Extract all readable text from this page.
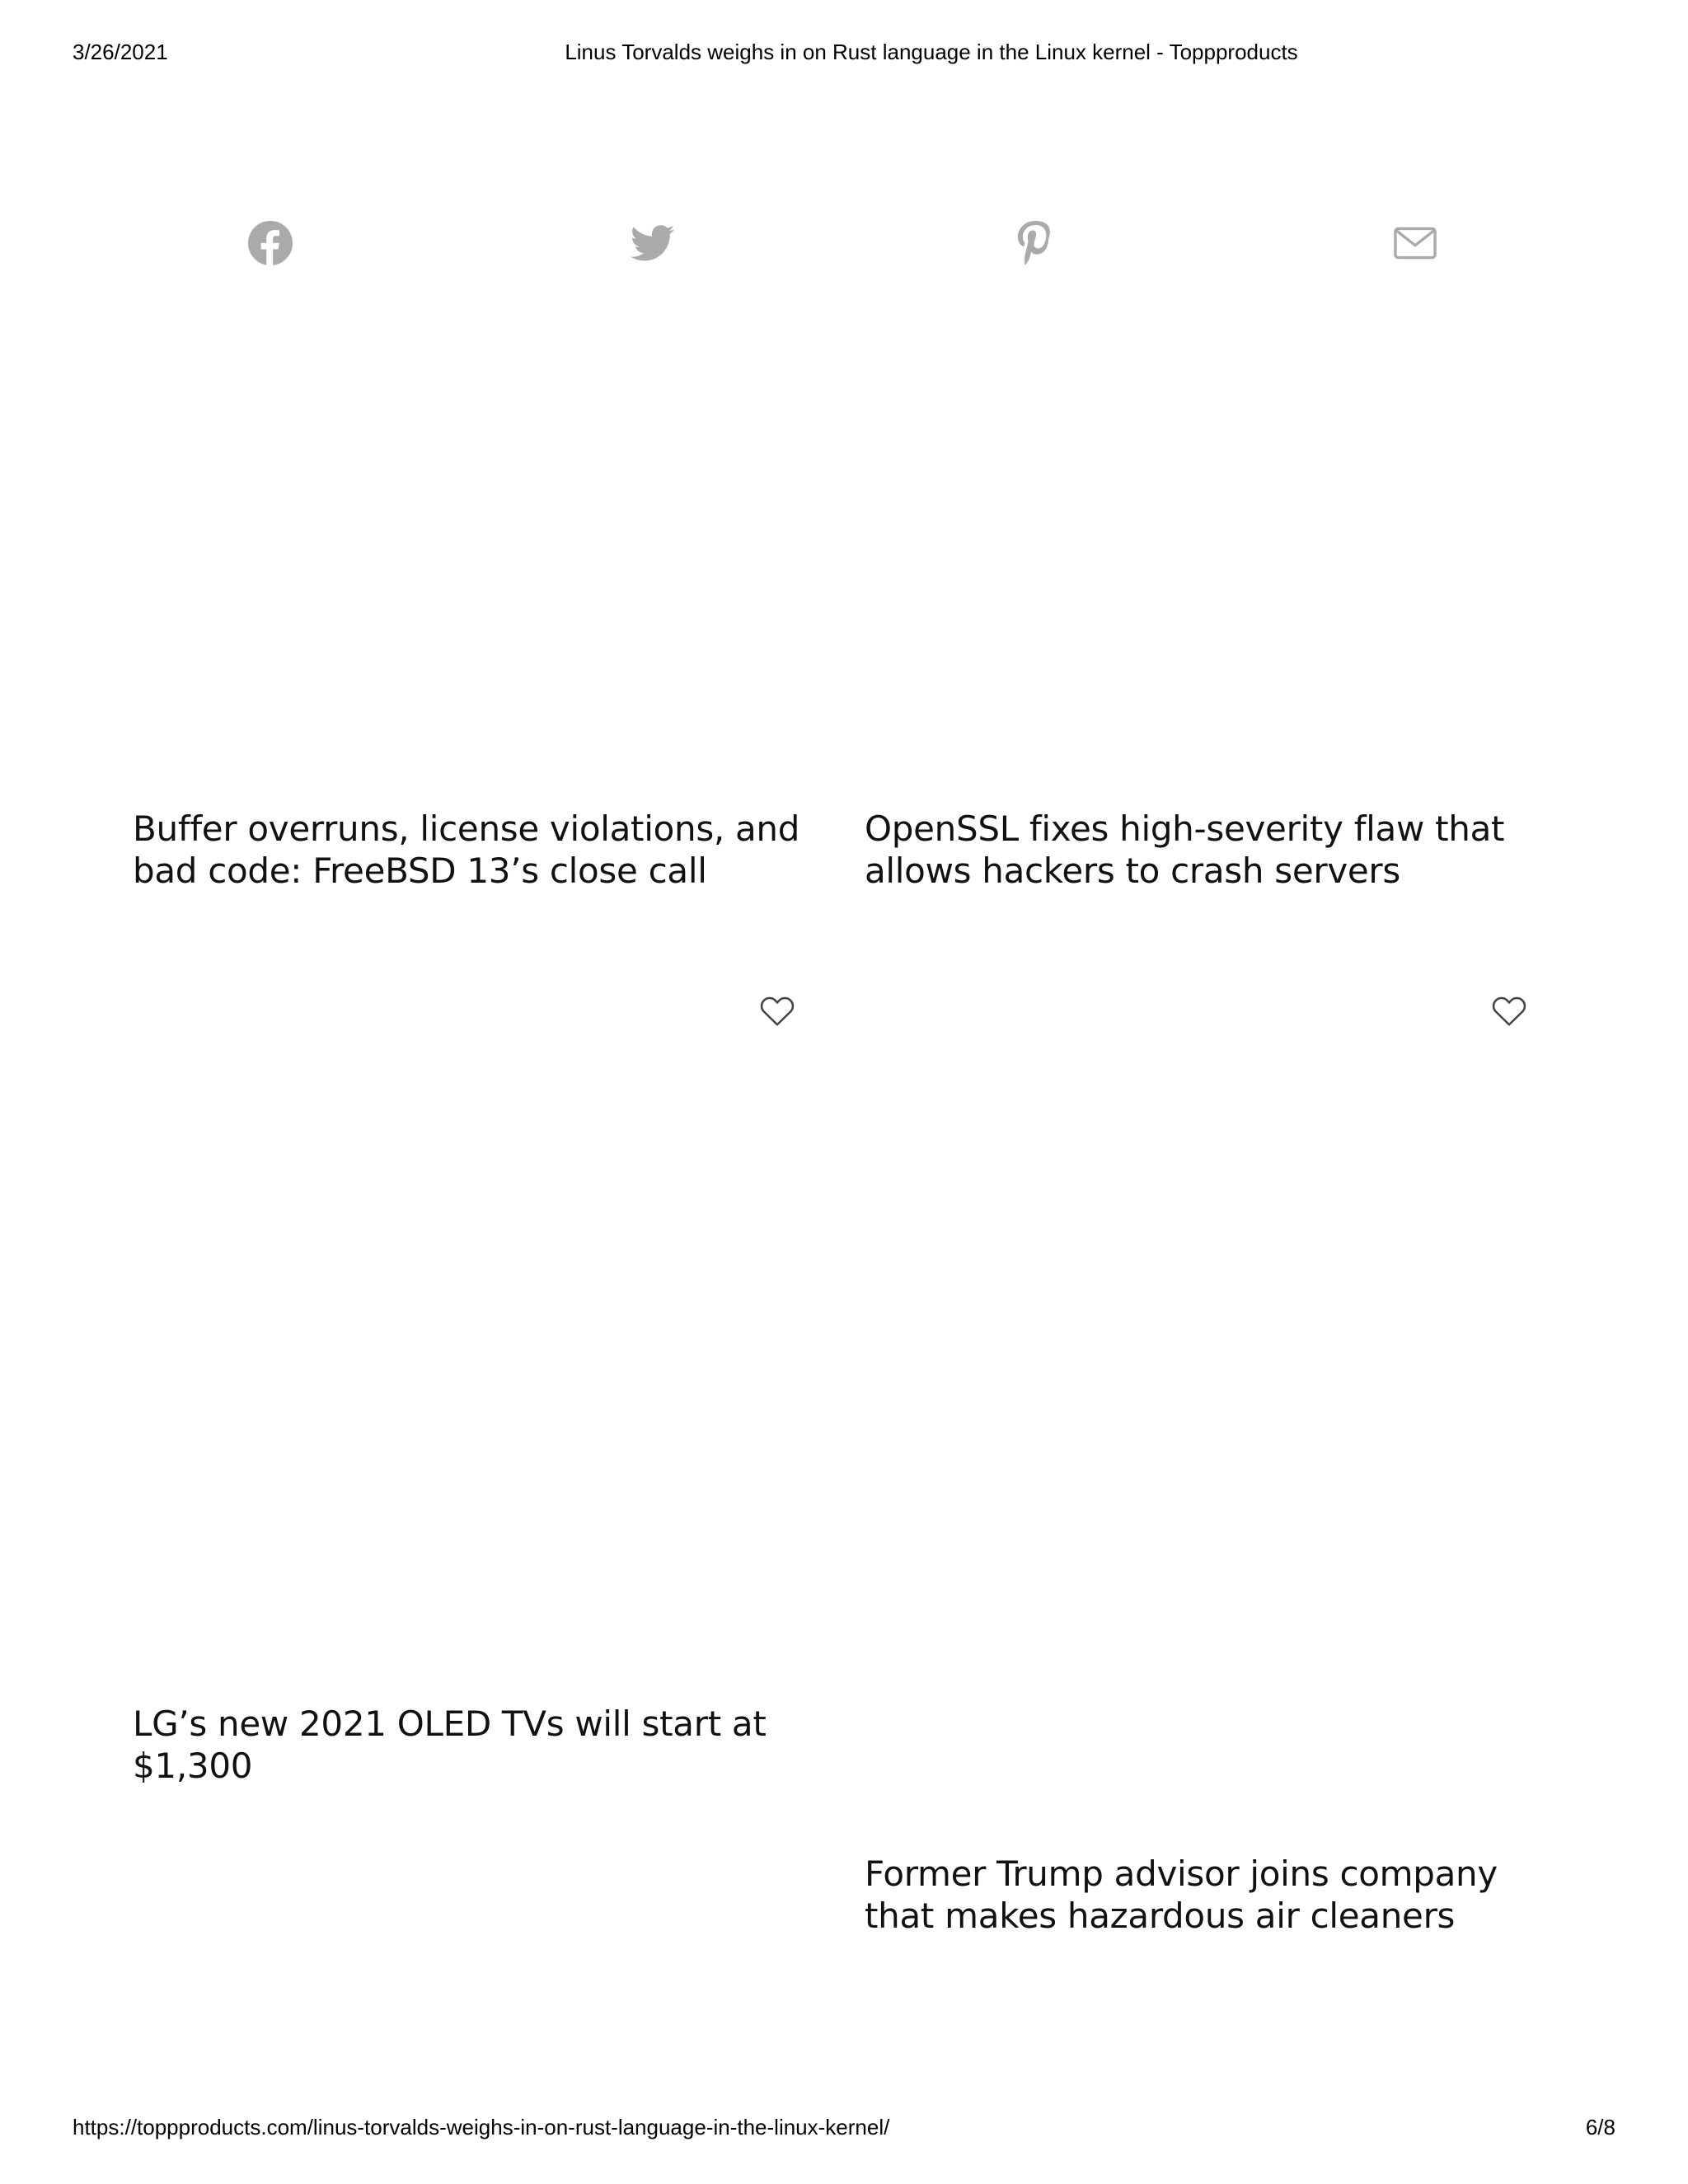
3/26/2021	Linus Torvalds weighs in on Rust language in the Linux kernel - Toppproducts
Buffer overruns, license violations, and
bad code: FreeBSD 13’s close call
OpenSSL fixes high-severity flaw that
allows hackers to crash servers
LG’s new 2021 OLED TVs will start at $1,300
Former Trump advisor joins company
that makes hazardous air cleaners
https://toppproducts.com/linus-torvalds-weighs-in-on-rust-language-in-the-linux-kernel/	6/8
